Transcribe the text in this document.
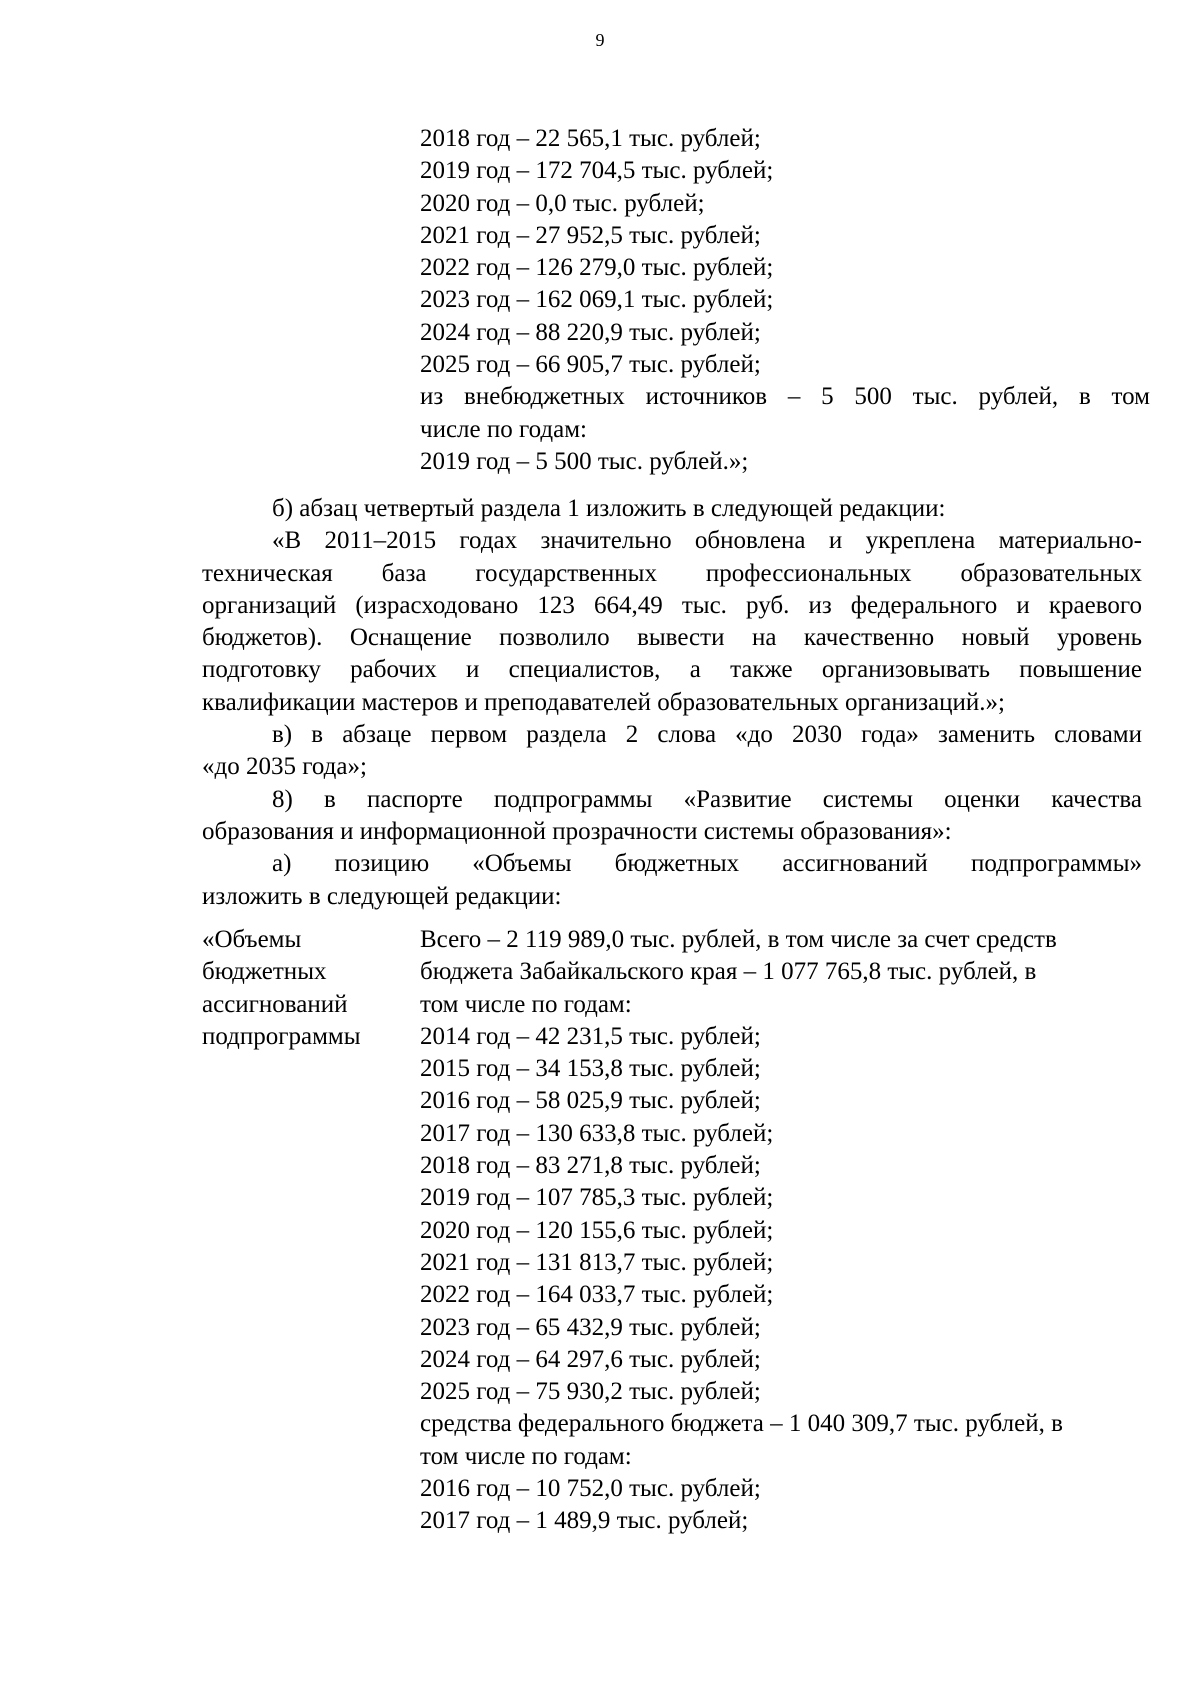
9
2018 год – 22 565,1 тыс. рублей;
2019 год – 172 704,5 тыс. рублей;
2020 год – 0,0 тыс. рублей;
2021 год – 27 952,5 тыс. рублей;
2022 год – 126 279,0 тыс. рублей;
2023 год – 162 069,1 тыс. рублей;
2024 год – 88 220,9 тыс. рублей;
2025 год – 66 905,7 тыс. рублей;
из внебюджетных источников – 5 500 тыс. рублей, в том
числе по годам:
2019 год – 5 500 тыс. рублей.»;
б) абзац четвертый раздела 1 изложить в следующей редакции:
«В 2011–2015 годах значительно обновлена и укреплена материально-
техническая база государственных профессиональных образовательных
организаций (израсходовано 123 664,49 тыс. руб. из федерального и краевого
бюджетов). Оснащение позволило вывести на качественно новый уровень
подготовку рабочих и специалистов, а также организовывать повышение
квалификации мастеров и преподавателей образовательных организаций.»;
в) в абзаце первом раздела 2 слова «до 2030 года» заменить словами
«до 2035 года»;
8) в паспорте подпрограммы «Развитие системы оценки качества
образования и информационной прозрачности системы образования»:
а) позицию «Объемы бюджетных ассигнований подпрограммы»
изложить в следующей редакции:
«Объемы
бюджетных
ассигнований
подпрограммы
Всего – 2 119 989,0 тыс. рублей, в том числе за счет средств
бюджета Забайкальского края – 1 077 765,8 тыс. рублей, в
том числе по годам:
2014 год – 42 231,5 тыс. рублей;
2015 год – 34 153,8 тыс. рублей;
2016 год – 58 025,9 тыс. рублей;
2017 год – 130 633,8 тыс. рублей;
2018 год – 83 271,8 тыс. рублей;
2019 год – 107 785,3 тыс. рублей;
2020 год – 120 155,6 тыс. рублей;
2021 год – 131 813,7 тыс. рублей;
2022 год – 164 033,7 тыс. рублей;
2023 год – 65 432,9 тыс. рублей;
2024 год – 64 297,6 тыс. рублей;
2025 год – 75 930,2 тыс. рублей;
средства федерального бюджета – 1 040 309,7 тыс. рублей, в
том числе по годам:
2016 год – 10 752,0 тыс. рублей;
2017 год – 1 489,9 тыс. рублей;
